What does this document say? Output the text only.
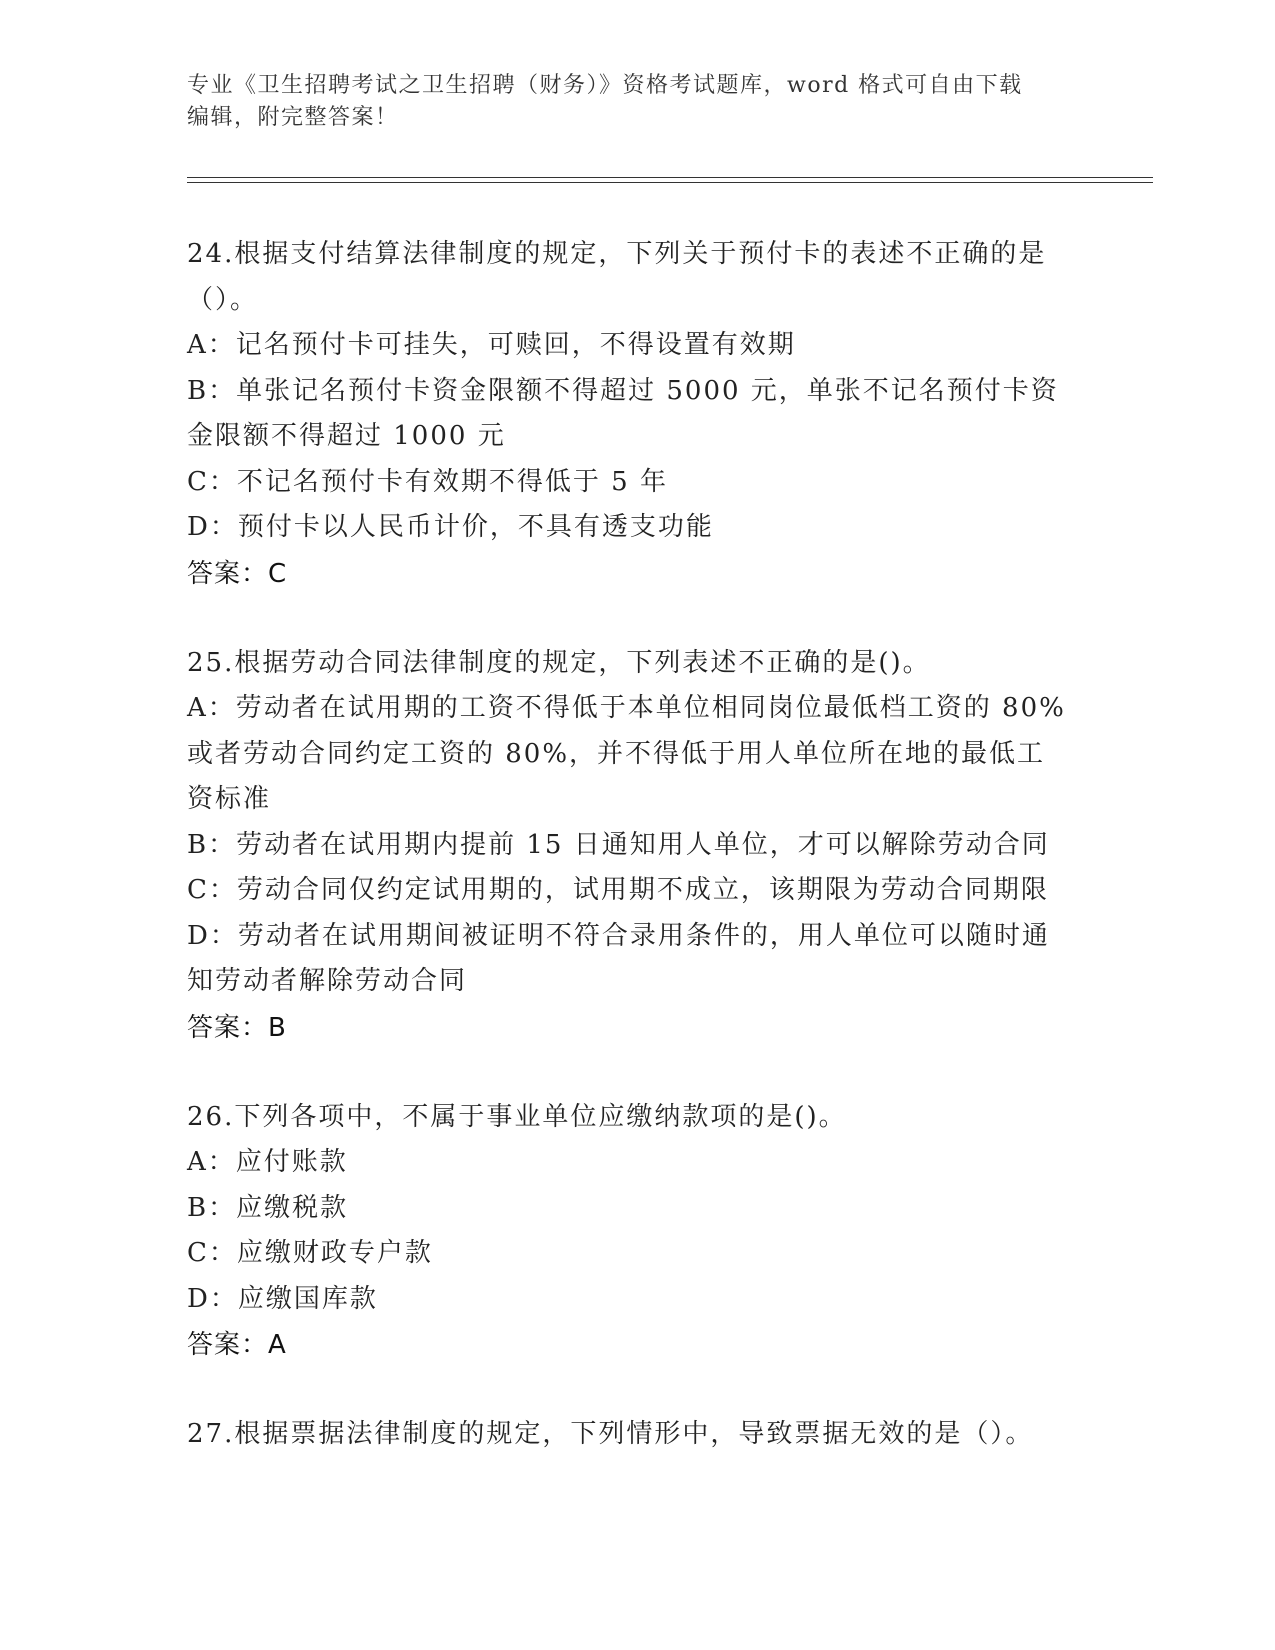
专业《卫生招聘考试之卫生招聘（财务）》资格考试题库，word 格式可自由下载
编辑，附完整答案！
24.根据支付结算法律制度的规定，下列关于预付卡的表述不正确的是
（）。
A：记名预付卡可挂失，可赎回，不得设置有效期
B：单张记名预付卡资金限额不得超过 5000 元，单张不记名预付卡资
金限额不得超过 1000 元
C：不记名预付卡有效期不得低于 5 年
D：预付卡以人民币计价，不具有透支功能
答案：C
25.根据劳动合同法律制度的规定，下列表述不正确的是()。
A：劳动者在试用期的工资不得低于本单位相同岗位最低档工资的 80%
或者劳动合同约定工资的 80%，并不得低于用人单位所在地的最低工
资标准
B：劳动者在试用期内提前 15 日通知用人单位，才可以解除劳动合同
C：劳动合同仅约定试用期的，试用期不成立，该期限为劳动合同期限
D：劳动者在试用期间被证明不符合录用条件的，用人单位可以随时通
知劳动者解除劳动合同
答案：B
26.下列各项中，不属于事业单位应缴纳款项的是()。
A：应付账款
B：应缴税款
C：应缴财政专户款
D：应缴国库款
答案：A
27.根据票据法律制度的规定，下列情形中，导致票据无效的是（）。
